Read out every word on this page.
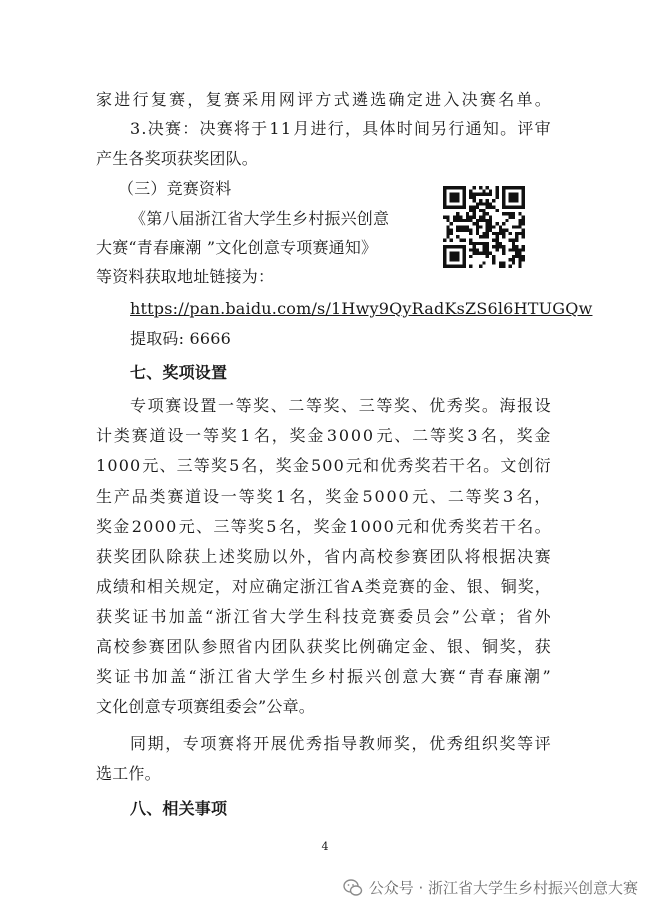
家 进 行 复 赛 ， 复 赛 采 用 网 评 方 式 遴 选 确 定 进 入 决 赛 名 单 。
3 . 决 赛 ： 决 赛 将 于 1 1 月 进 行 ， 具 体 时 间 另 行 通 知 。 评 审
产生各奖项获奖团队。
（三）竞赛资料
《第八届浙江省大学生乡村振兴创意
大赛“青春廉潮 ”文化创意专项赛通知》
等资料获取地址链接为：
https://pan.baidu.com/s/1Hwy9QyRadKsZS6l6HTUGQw
提取码: 6666
七、奖项设置
专 项 赛 设 置 一 等 奖 、 二 等 奖 、 三 等 奖 、 优 秀 奖 。 海 报 设
计 类 赛 道 设 一 等 奖 1 名 ， 奖 金 3 0 0 0 元 、 二 等 奖 3 名 ， 奖 金
1 0 0 0 元 、 三 等 奖 5 名 ， 奖 金 5 0 0 元 和 优 秀 奖 若 干 名 。 文 创 衍
生 产 品 类 赛 道 设 一 等 奖 1 名 ， 奖 金 5 0 0 0 元 、 二 等 奖 3 名 ，
奖 金 2 0 0 0 元 、 三 等 奖 5 名 ， 奖 金 1 0 0 0 元 和 优 秀 奖 若 干 名 。
获 奖 团 队 除 获 上 述 奖 励 以 外 ， 省 内 高 校 参 赛 团 队 将 根 据 决 赛
成 绩 和 相 关 规 定 ， 对 应 确 定 浙 江 省 A 类 竞 赛 的 金 、 银 、 铜 奖 ，
获 奖 证 书 加 盖 “ 浙 江 省 大 学 生 科 技 竞 赛 委 员 会 ” 公 章 ； 省 外
高 校 参 赛 团 队 参 照 省 内 团 队 获 奖 比 例 确 定 金 、 银 、 铜 奖 ， 获
奖 证 书 加 盖 “ 浙 江 省 大 学 生 乡 村 振 兴 创 意 大 赛 “ 青 春 廉 潮 ”
文化创意专项赛组委会”公章。
同 期 ， 专 项 赛 将 开 展 优 秀 指 导 教 师 奖 ， 优 秀 组 织 奖 等 评
选工作。
八、相关事项
4
公众号 · 浙江省大学生乡村振兴创意大赛
